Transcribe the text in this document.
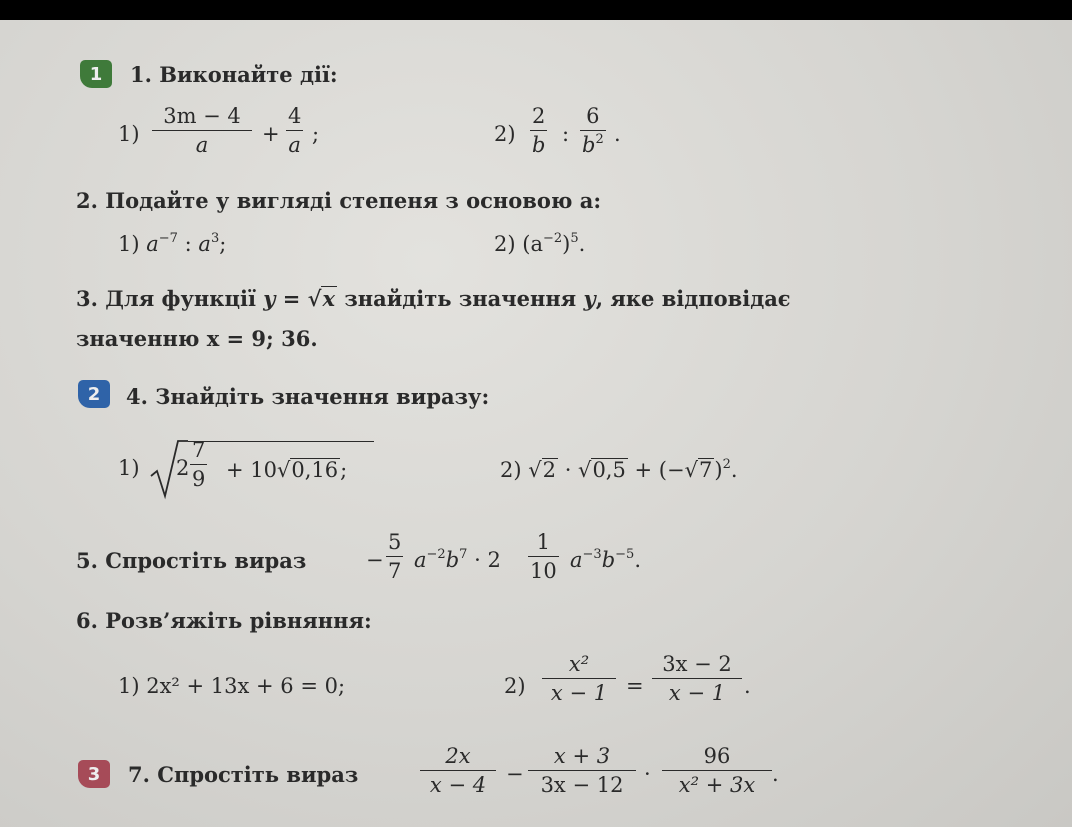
1 1. Виконайте дії:
$1) \frac{3m - 4}{a} + \frac{4}{a}$ ;	$2) \frac{2}{b}$ : $\frac{6}{b^2}$ .
2. Подайте у вигляді степеня з основою a:
1) $a^{-7}$ : $a^3$;	2) $(a^{-2})^5$.
3. Для функції y = √x знайдіть значення y, яке відповідає
значенню x = 9; 36.
2 4. Знайдіть значення виразу:
1) $2 \frac{7}{9} + 10√0,16$;	2) $√2 \cdot √0,5 + (-√7)^2$.
5. Спростіть вираз	− $\frac{5}{7} a^{-2}b^7 \cdot 2 \frac{1}{10} a^{-3}b^{-5}$.
6. Розв’яжіть рівняння:
1) 2x² + 13x + 6 = 0;	$2) \frac{\text{x²}}{x - 1} = \frac{3x - 2}{x - 1}$ .
3 7. Спростіть вираз	$\frac{2x}{x - 4} - \frac{x + 3}{3x - 12} \cdot \frac{96}{\text{x² + 3x}}$ .
